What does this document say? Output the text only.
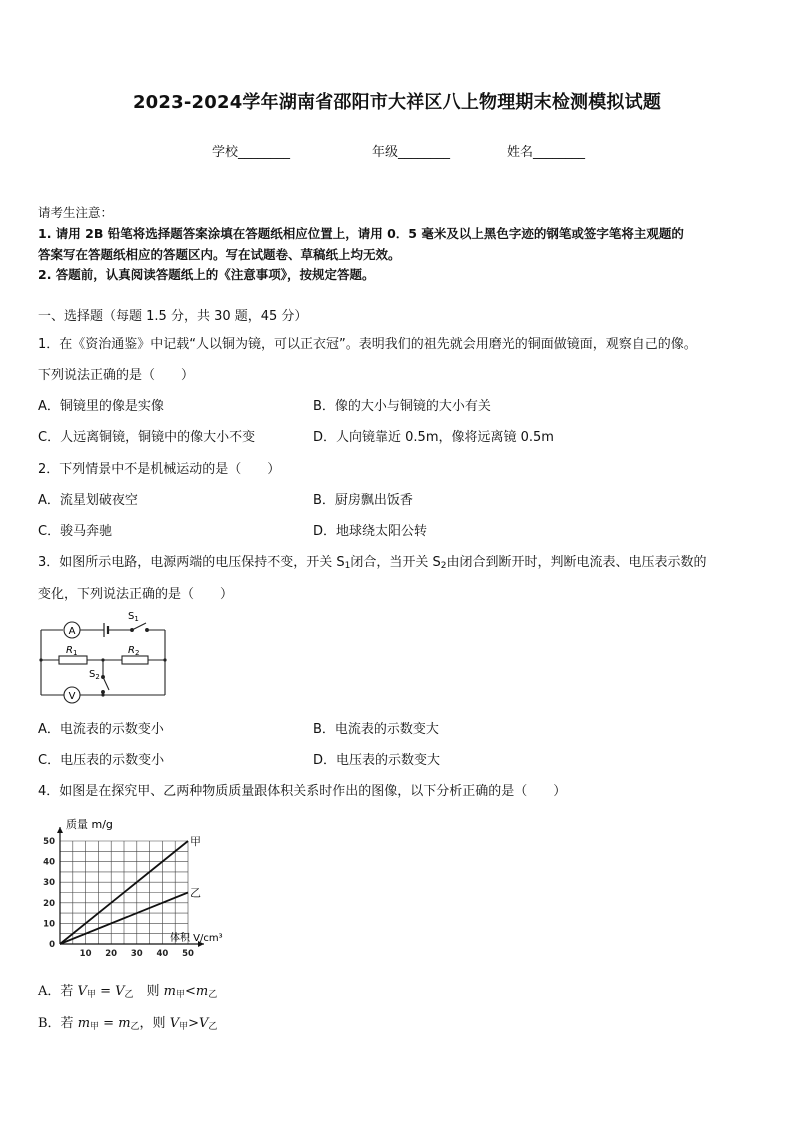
2023-2024学年湖南省邵阳市大祥区八上物理期末检测模拟试题
学校________	年级________	姓名________
请考生注意：
1. 请用 2B 铅笔将选择题答案涂填在答题纸相应位置上，请用 0．5 毫米及以上黑色字迹的钢笔或签字笔将主观题的
答案写在答题纸相应的答题区内。写在试题卷、草稿纸上均无效。
2. 答题前，认真阅读答题纸上的《注意事项》，按规定答题。
一、选择题（每题 1.5 分，共 30 题，45 分）
1．在《资治通鉴》中记载“人以铜为镜，可以正衣冠”。表明我们的祖先就会用磨光的铜面做镜面，观察自己的像。
下列说法正确的是（　　）
A．铜镜里的像是实像	B．像的大小与铜镜的大小有关
C．人远离铜镜，铜镜中的像大小不变	D．人向镜靠近 0.5m，像将远离镜 0.5m
2．下列情景中不是机械运动的是（　　）
A．流星划破夜空	B．厨房飘出饭香
C．骏马奔驰	D．地球绕太阳公转
3．如图所示电路，电源两端的电压保持不变，开关 $S_1$闭合，当开关 $S_2$由闭合到断开时，判断电流表、电压表示数的
变化，下列说法正确的是（　　）
A
V
$S_1$
$S_2$
$R_1$	$R_2$
A．电流表的示数变小	B．电流表的示数变大
C．电压表的示数变小	D．电压表的示数变大
4．如图是在探究甲、乙两种物质质量跟体积关系时作出的图像，以下分析正确的是（　　）
0
10
20
30
40
50
10 20 30 40 50
甲
乙
质量 m/g
体积 V/cm³
A．若 $V_甲 = V_乙$　则 $m_甲<m_乙$
B．若 $m_甲 = m_乙$，则 $V_甲>V_乙$
